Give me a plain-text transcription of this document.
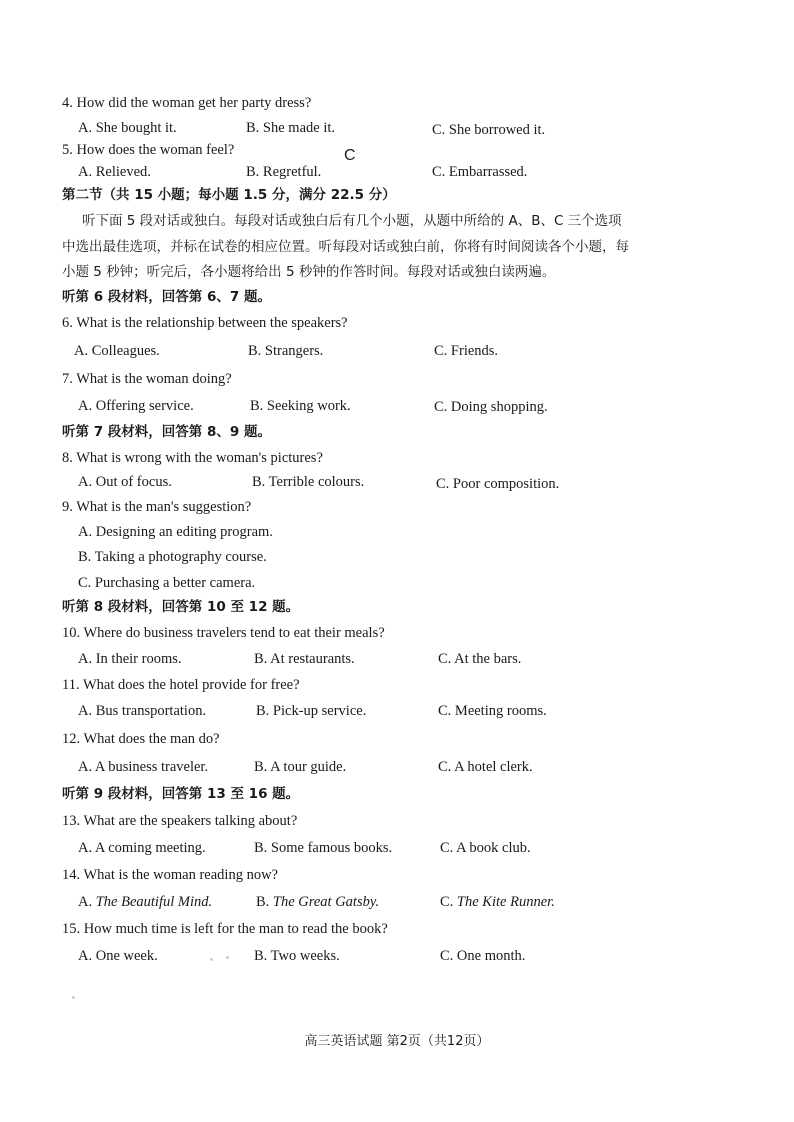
4. How did the woman get her party dress?
A. She bought it.	B. She made it.	C. She borrowed it.
5. How does the woman feel?	C
A. Relieved.	B. Regretful.	C. Embarrassed.
第二节（共 15 小题；每小题 1.5 分，满分 22.5 分）
听下面 5 段对话或独白。每段对话或独白后有几个小题，从题中所给的 A、B、C 三个选项
中选出最佳选项，并标在试卷的相应位置。听每段对话或独白前，你将有时间阅读各个小题，每
小题 5 秒钟；听完后，各小题将给出 5 秒钟的作答时间。每段对话或独白读两遍。
听第 6 段材料，回答第 6、7 题。
6. What is the relationship between the speakers?
A. Colleagues.	B. Strangers.	C. Friends.
7. What is the woman doing?
A. Offering service.	B. Seeking work.	C. Doing shopping.
听第 7 段材料，回答第 8、9 题。
8. What is wrong with the woman's pictures?
A. Out of focus.	B. Terrible colours.	C. Poor composition.
9. What is the man's suggestion?
A. Designing an editing program.
B. Taking a photography course.
C. Purchasing a better camera.
听第 8 段材料，回答第 10 至 12 题。
10. Where do business travelers tend to eat their meals?
A. In their rooms.	B. At restaurants.	C. At the bars.
11. What does the hotel provide for free?
A. Bus transportation.	B. Pick-up service.	C. Meeting rooms.
12. What does the man do?
A. A business traveler.	B. A tour guide.	C. A hotel clerk.
听第 9 段材料，回答第 13 至 16 题。
13. What are the speakers talking about?
A. A coming meeting.	B. Some famous books.	C. A book club.
14. What is the woman reading now?
A. The Beautiful Mind.	B. The Great Gatsby.	C. The Kite Runner.
15. How much time is left for the man to read the book?
A. One week.	B. Two weeks.	C. One month.
高三英语试题 第2页（共12页）
